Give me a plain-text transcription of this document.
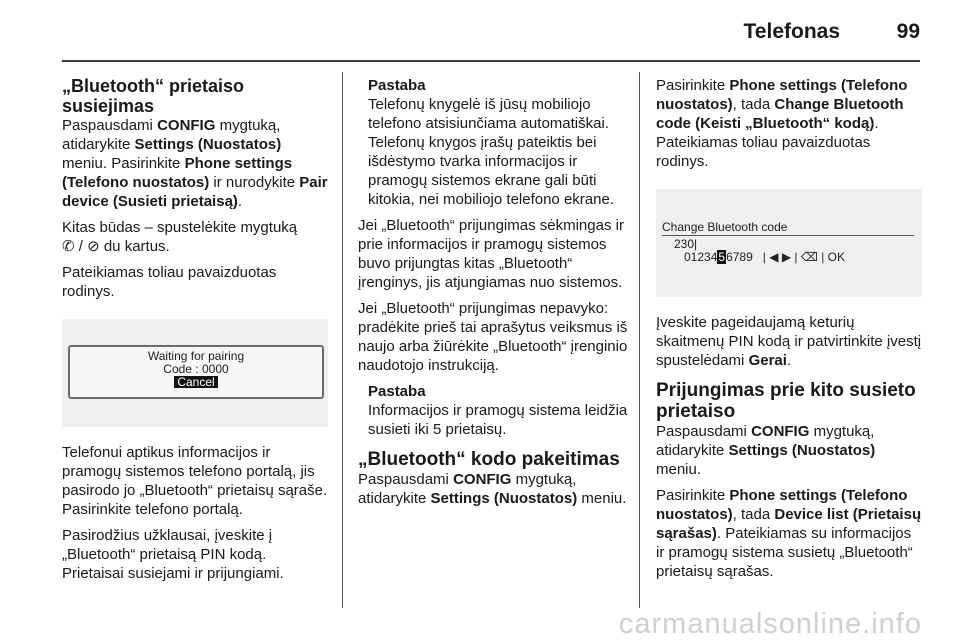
Telefonas	99
„Bluetooth“ prietaiso susiejimas

Paspausdami CONFIG mygtuką, atidarykite Settings (Nuostatos) meniu. Pasirinkite Phone settings (Telefono nuostatos) ir nurodykite Pair device (Susieti prietaisą).

Kitas būdas – spustelėkite mygtuką
✆ / ⊘ du kartus.

Pateikiamas toliau pavaizduotas rodinys.

Waiting for pairing
Code : 0000
Cancel

Telefonui aptikus informacijos ir pramogų sistemos telefono portalą, jis pasirodo jo „Bluetooth“ prietaisų sąraše. Pasirinkite telefono portalą.

Pasirodžius užklausai, įveskite į „Bluetooth“ prietaisą PIN kodą. Prietaisai susiejami ir prijungiami.

Pastaba
Telefonų knygelė iš jūsų mobiliojo telefono atsisiunčiama automatiškai. Telefonų knygos įrašų pateiktis bei išdėstymo tvarka informacijos ir pramogų sistemos ekrane gali būti kitokia, nei mobiliojo telefono ekrane.

Jei „Bluetooth“ prijungimas sėkmingas ir prie informacijos ir pramogų sistemos buvo prijungtas kitas „Bluetooth“ įrenginys, jis atjungiamas nuo sistemos.

Jei „Bluetooth“ prijungimas nepavyko: pradėkite prieš tai aprašytus veiksmus iš naujo arba žiūrėkite „Bluetooth“ įrenginio naudotojo instrukciją.

Pastaba
Informacijos ir pramogų sistema leidžia susieti iki 5 prietaisų.
„Bluetooth“ kodo pakeitimas

Paspausdami CONFIG mygtuką, atidarykite Settings (Nuostatos) meniu.

Pasirinkite Phone settings (Telefono nuostatos), tada Change Bluetooth code (Keisti „Bluetooth“ kodą). Pateikiamas toliau pavaizduotas rodinys.

Change Bluetooth code
230|
0123456789 | ◀ ▶ | ⌫ | OK

Įveskite pageidaujamą keturių skaitmenų PIN kodą ir patvirtinkite įvestį spustelėdami Gerai.

Prijungimas prie kito susieto prietaiso

Paspausdami CONFIG mygtuką, atidarykite Settings (Nuostatos) meniu.

Pasirinkite Phone settings (Telefono nuostatos), tada Device list (Prietaisų sąrašas). Pateikiamas su informacijos ir pramogų sistema susietų „Bluetooth“ prietaisų sąrašas.

carmanualsonline.info
